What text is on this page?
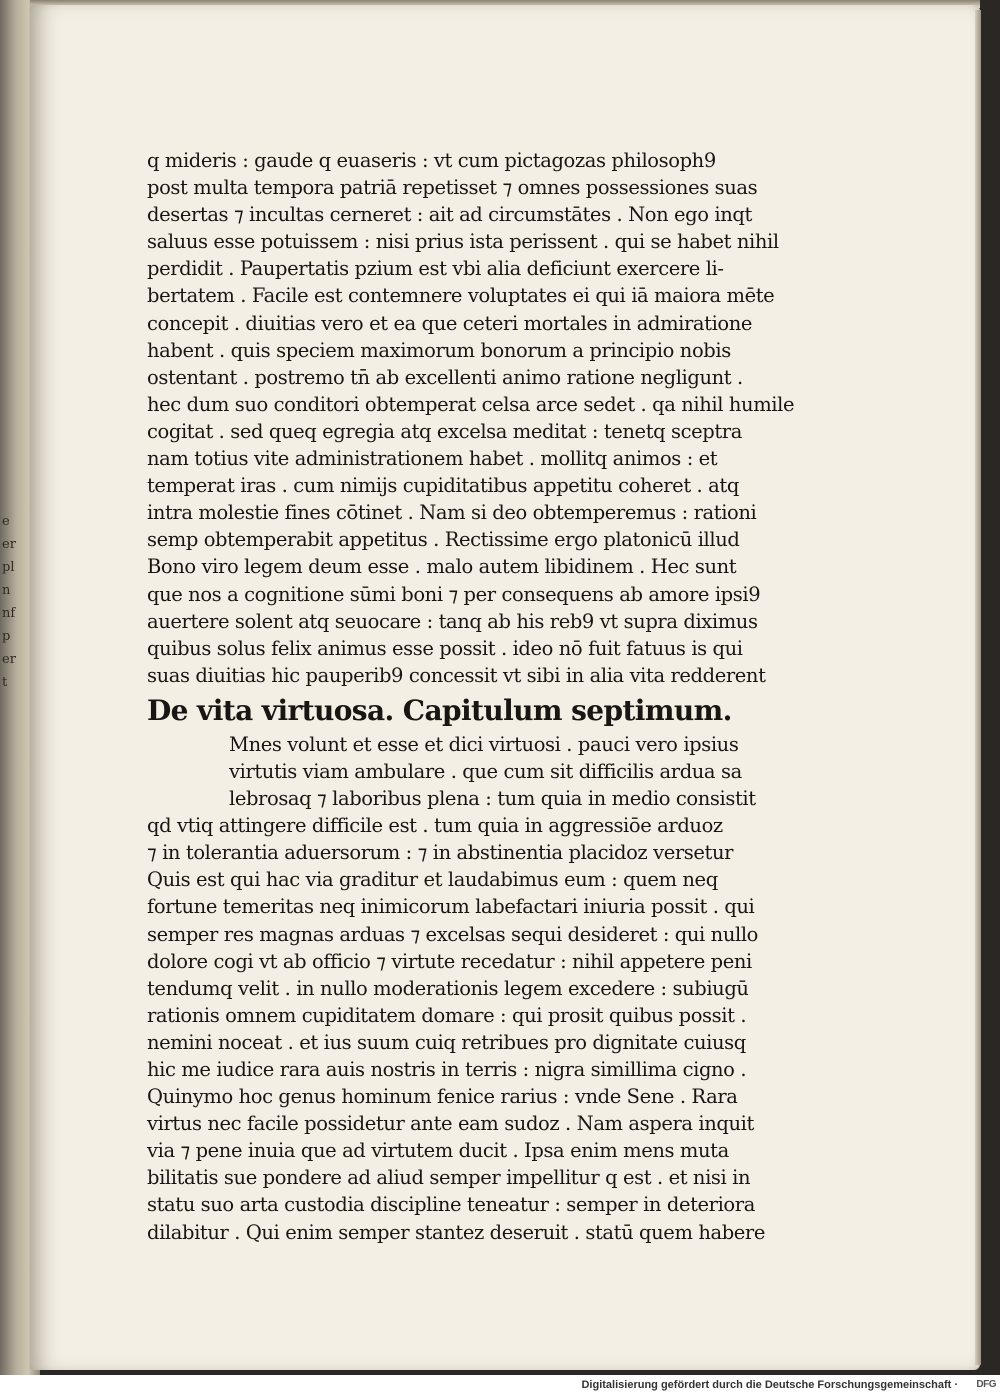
eerplnnfpert
q mideris : gaude q euaseris : vt cum pictagozas philosoph9
post multa tempora patriā repetisset ⁊ omnes possessiones suas
desertas ⁊ incultas cerneret : ait ad circumstātes . Non ego inqt
saluus esse potuissem : nisi prius ista perissent . qui se habet nihil
perdidit . Paupertatis pzium est vbi alia deficiunt exercere li-
bertatem . Facile est contemnere voluptates ei qui iā maiora mēte
concepit . diuitias vero et ea que ceteri mortales in admiratione
habent . quis speciem maximorum bonorum a principio nobis
ostentant . postremo tn̄ ab excellenti animo ratione negligunt .
hec dum suo conditori obtemperat celsa arce sedet . qa nihil humile
cogitat . sed queq egregia atq excelsa meditat : tenetq sceptra
nam totius vite administrationem habet . mollitq animos : et
temperat iras . cum nimijs cupiditatibus appetitu coheret . atq
intra molestie fines cōtinet . Nam si deo obtemperemus : rationi
semp obtemperabit appetitus . Rectissime ergo platonicū illud
Bono viro legem deum esse . malo autem libidinem . Hec sunt
que nos a cognitione sūmi boni ⁊ per consequens ab amore ipsi9
auertere solent atq seuocare : tanq ab his reb9 vt supra diximus
quibus solus felix animus esse possit . ideo nō fuit fatuus is qui
suas diuitias hic pauperib9 concessit vt sibi in alia vita redderent
De vita virtuosa. Capitulum septimum.
Mnes volunt et esse et dici virtuosi . pauci vero ipsius
virtutis viam ambulare . que cum sit difficilis ardua sa
lebrosaq ⁊ laboribus plena : tum quia in medio consistit
qd vtiq attingere difficile est . tum quia in aggressiōe arduoz
⁊ in tolerantia aduersorum : ⁊ in abstinentia placidoz versetur
Quis est qui hac via graditur et laudabimus eum : quem neq
fortune temeritas neq inimicorum labefactari iniuria possit . qui
semper res magnas arduas ⁊ excelsas sequi desideret : qui nullo
dolore cogi vt ab officio ⁊ virtute recedatur : nihil appetere peni
tendumq velit . in nullo moderationis legem excedere : subiugū
rationis omnem cupiditatem domare : qui prosit quibus possit .
nemini noceat . et ius suum cuiq retribues pro dignitate cuiusq
hic me iudice rara auis nostris in terris : nigra simillima cigno .
Quinymo hoc genus hominum fenice rarius : vnde Sene . Rara
virtus nec facile possidetur ante eam sudoz . Nam aspera inquit
via ⁊ pene inuia que ad virtutem ducit . Ipsa enim mens muta
bilitatis sue pondere ad aliud semper impellitur q est . et nisi in
statu suo arta custodia discipline teneatur : semper in deteriora
dilabitur . Qui enim semper stantez deseruit . statū quem habere
Digitalisierung gefördert durch die Deutsche Forschungsgemeinschaft · DFG
